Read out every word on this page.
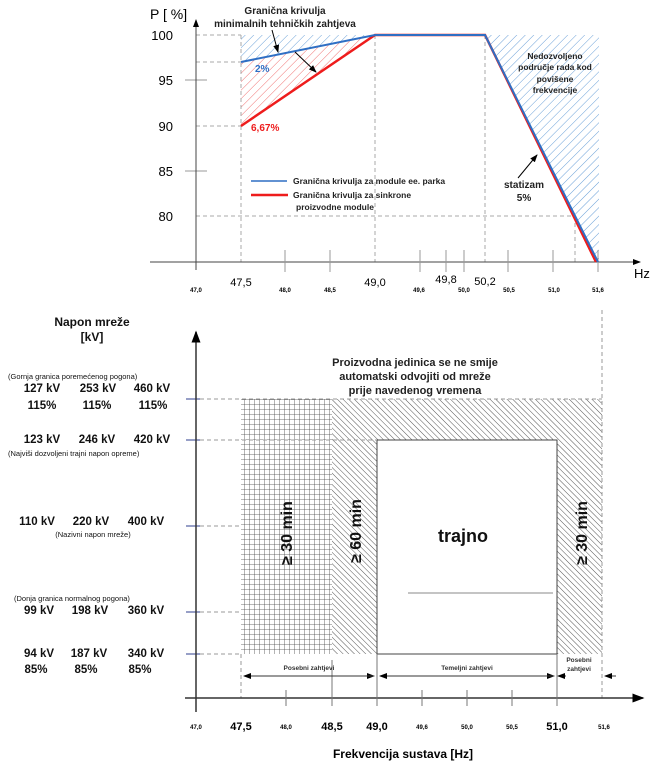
P [ %]
Hz
100
95
90
85
80
47,5	49,0	49,8 50,2
47,0	48,0	48,5	49,6	50,0	50,5	51,0	51,6
Granična krivulja
minimalnih tehničkih zahtjeva
2%
6,67%
Nedozvoljeno
područje rada kod
povišene
frekvencije
statizam
5%
Granična krivulja za module ee. parka
Granična krivulja za sinkrone
proizvodne module
Posebni zahtjevi	Temeljni zahtjevi
Posebni
zahtjevi
≥ 30 min	≥ 60 min	trajno	≥ 30 min
Proizvodna jedinica se ne smije
automatski odvojiti od mreže
prije navedenog vremena
Napon mreže
[kV]
Frekvencija sustava [Hz]
47,5	48,5 49,0	51,0
47,0	48,0	49,6	50,0	50,5	51,6
(Gornja granica poremećenog pogona)
127 kV 253 kV 460 kV
115% 115% 115%
123 kV 246 kV 420 kV
110 kV 220 kV 400 kV
99 kV 198 kV 360 kV
94 kV 187 kV 340 kV
85% 85%	85%
(Najviši dozvoljeni trajni napon opreme)
(Nazivni napon mreže)
(Donja granica normalnog pogona)
